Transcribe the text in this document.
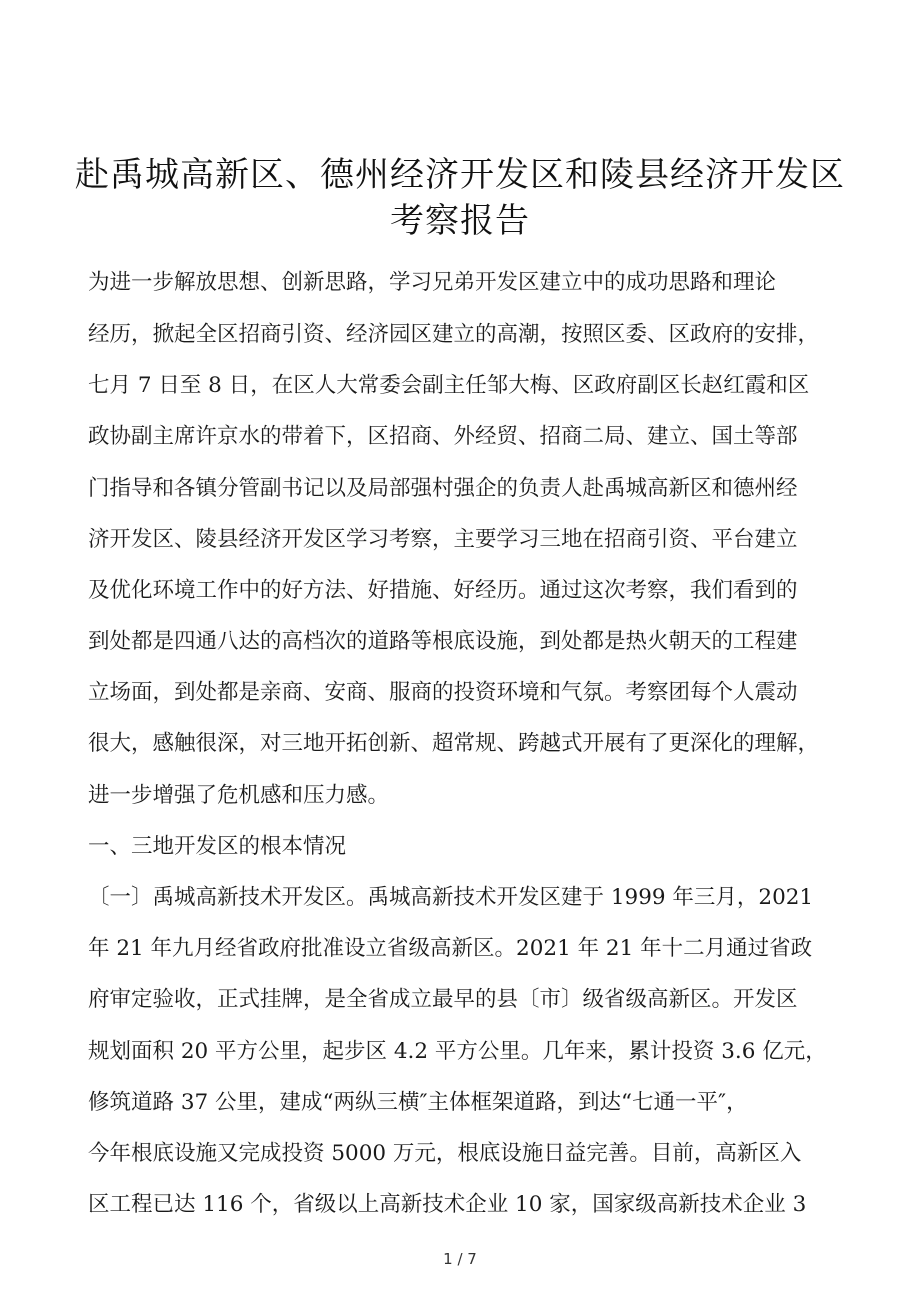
赴禹城高新区、德州经济开发区和陵县经济开发区
考察报告
为进一步解放思想、创新思路，学习兄弟开发区建立中的成功思路和理论
经历，掀起全区招商引资、经济园区建立的高潮，按照区委、区政府的安排，
七月 7 日至 8 日，在区人大常委会副主任邹大梅、区政府副区长赵红霞和区
政协副主席许京水的带着下，区招商、外经贸、招商二局、建立、国土等部
门指导和各镇分管副书记以及局部强村强企的负责人赴禹城高新区和德州经
济开发区、陵县经济开发区学习考察，主要学习三地在招商引资、平台建立
及优化环境工作中的好方法、好措施、好经历。通过这次考察，我们看到的
到处都是四通八达的高档次的道路等根底设施，到处都是热火朝天的工程建
立场面，到处都是亲商、安商、服商的投资环境和气氛。考察团每个人震动
很大，感触很深，对三地开拓创新、超常规、跨越式开展有了更深化的理解，
进一步增强了危机感和压力感。
一、三地开发区的根本情况
〔一〕禹城高新技术开发区。禹城高新技术开发区建于 1999 年三月，2021
年 21 年九月经省政府批准设立省级高新区。2021 年 21 年十二月通过省政
府审定验收，正式挂牌，是全省成立最早的县〔市〕级省级高新区。开发区
规划面积 20 平方公里，起步区 4.2 平方公里。几年来，累计投资 3.6 亿元，
修筑道路 37 公里，建成“两纵三横″主体框架道路，到达“七通一平″，
今年根底设施又完成投资 5000 万元，根底设施日益完善。目前，高新区入
区工程已达 116 个，省级以上高新技术企业 10 家，国家级高新技术企业 3
1 / 7
